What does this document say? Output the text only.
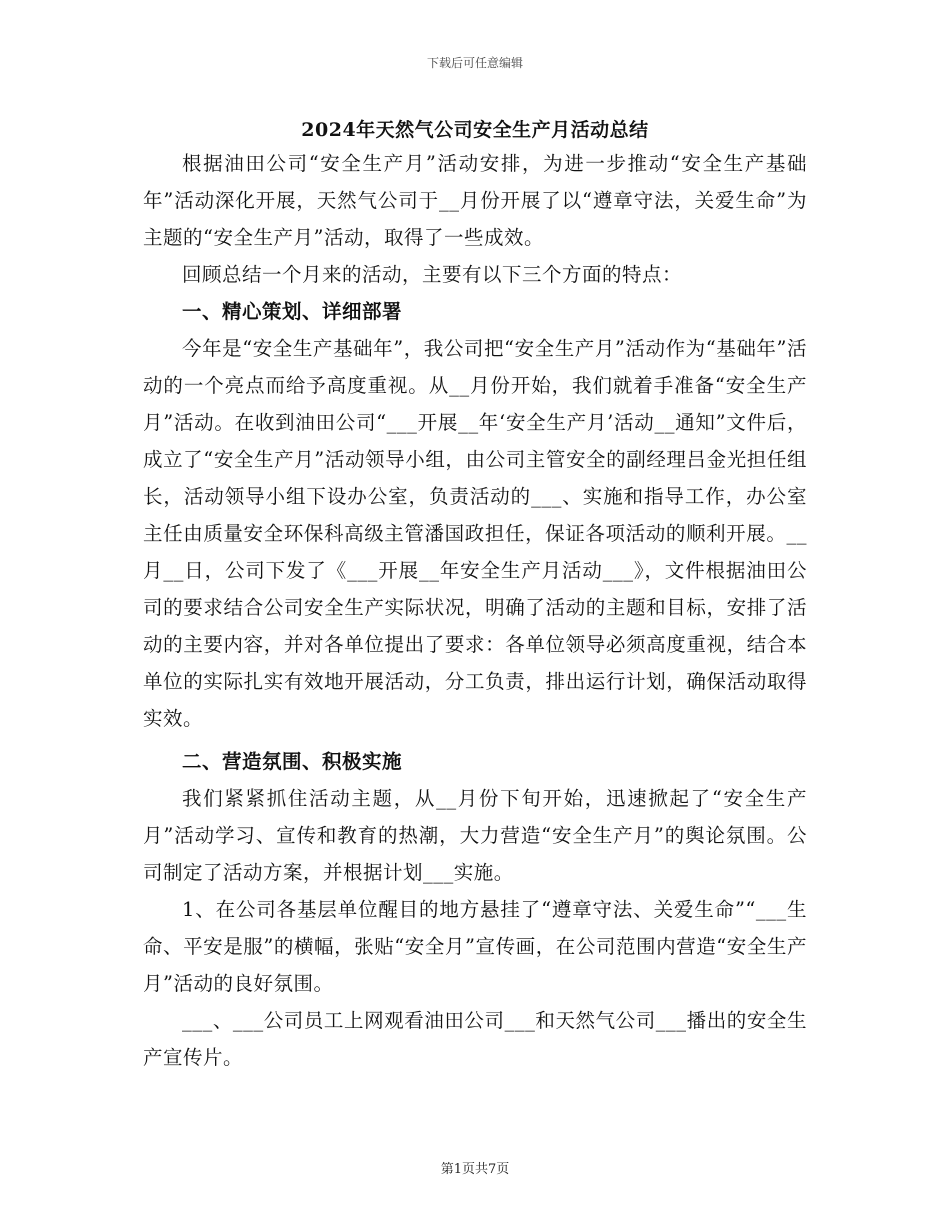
下载后可任意编辑
2024年天然气公司安全生产月活动总结

根据油田公司“安全生产月”活动安排，为进一步推动“安全生产基础年”活动深化开展，天然气公司于__月份开展了以“遵章守法，关爱生命”为主题的“安全生产月”活动，取得了一些成效。

回顾总结一个月来的活动，主要有以下三个方面的特点：

一、精心策划、详细部署

今年是“安全生产基础年”，我公司把“安全生产月”活动作为“基础年”活动的一个亮点而给予高度重视。从__月份开始，我们就着手准备“安全生产月”活动。在收到油田公司“___开展__年‘安全生产月’活动__通知”文件后，成立了“安全生产月”活动领导小组，由公司主管安全的副经理吕金光担任组长，活动领导小组下设办公室，负责活动的___、实施和指导工作，办公室主任由质量安全环保科高级主管潘国政担任，保证各项活动的顺利开展。__月__日，公司下发了《___开展__年安全生产月活动___》，文件根据油田公司的要求结合公司安全生产实际状况，明确了活动的主题和目标，安排了活动的主要内容，并对各单位提出了要求：各单位领导必须高度重视，结合本单位的实际扎实有效地开展活动，分工负责，排出运行计划，确保活动取得实效。

二、营造氛围、积极实施

我们紧紧抓住活动主题，从__月份下旬开始，迅速掀起了“安全生产月”活动学习、宣传和教育的热潮，大力营造“安全生产月”的舆论氛围。公司制定了活动方案，并根据计划___实施。

1、在公司各基层单位醒目的地方悬挂了“遵章守法、关爱生命”“___生命、平安是服”的横幅，张贴“安全月”宣传画，在公司范围内营造“安全生产月”活动的良好氛围。

___、___公司员工上网观看油田公司___和天然气公司___播出的安全生产宣传片。

第1页共7页
